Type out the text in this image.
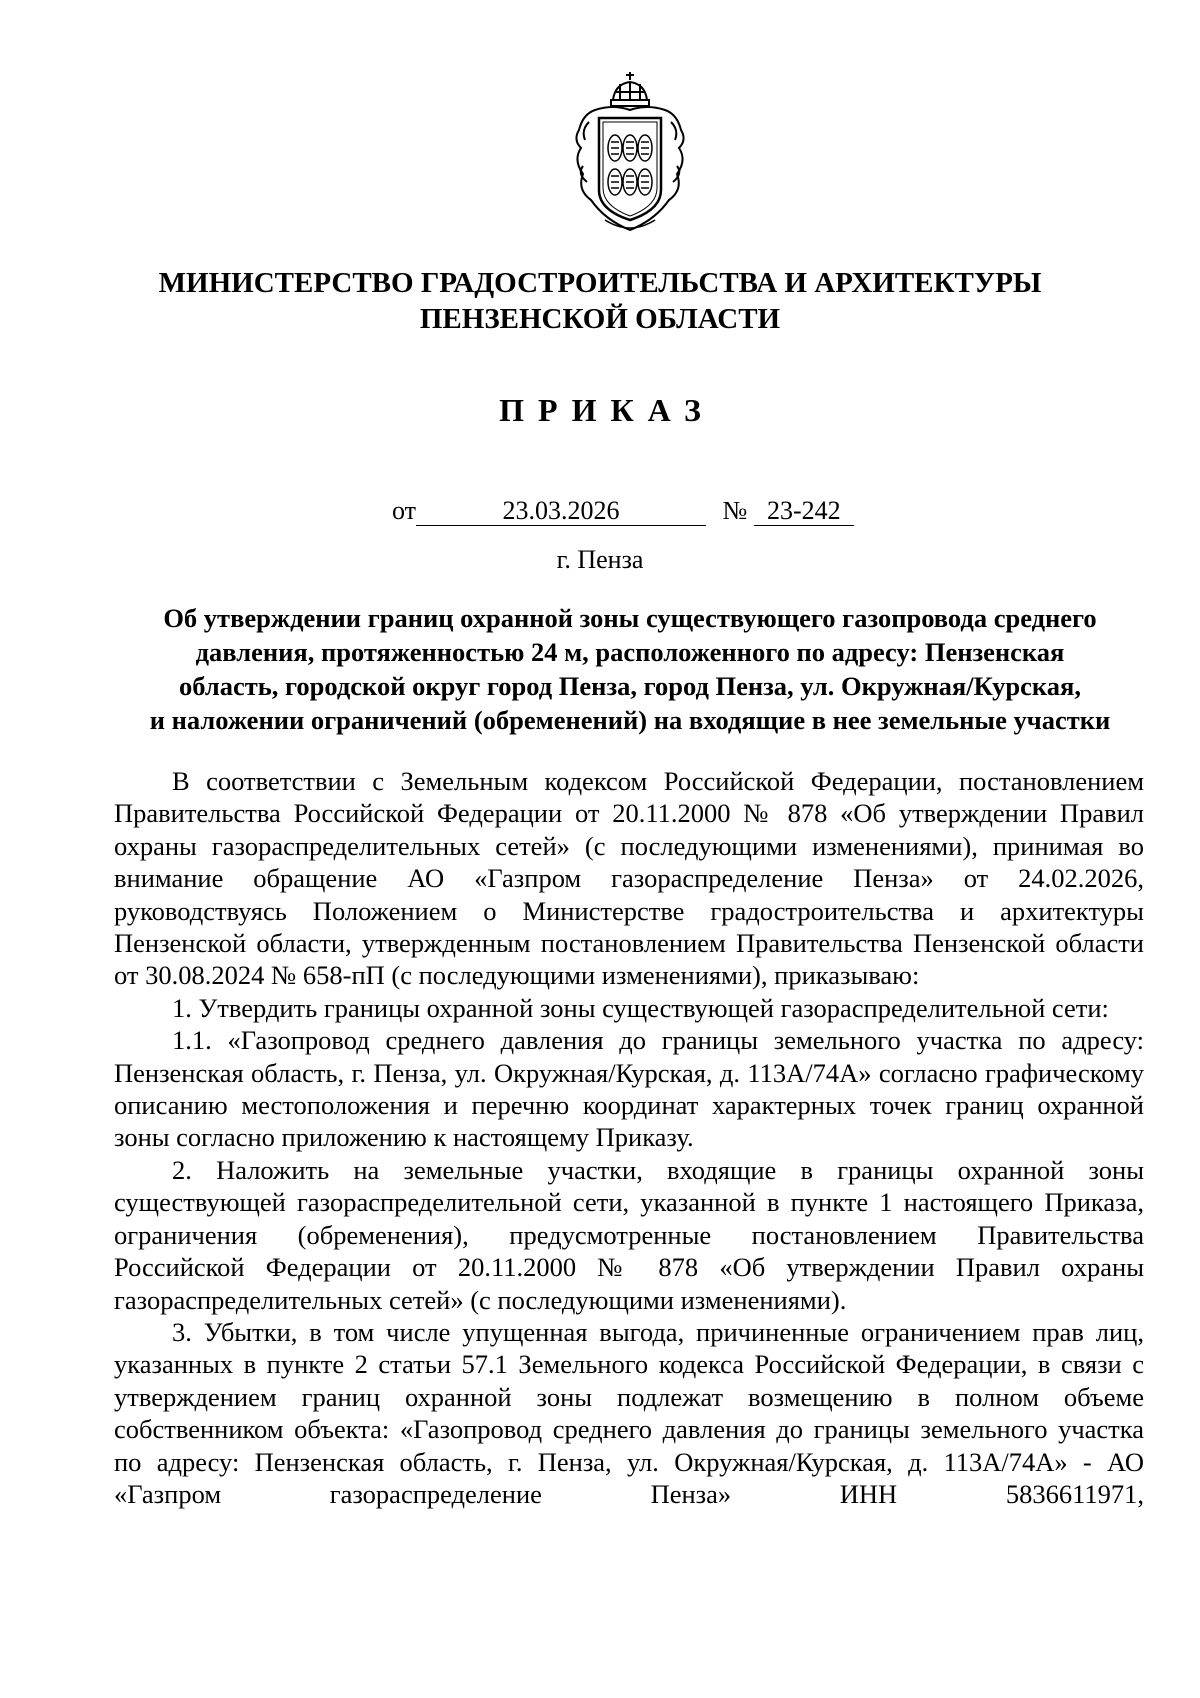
МИНИСТЕРСТВО ГРАДОСТРОИТЕЛЬСТВА И АРХИТЕКТУРЫ
ПЕНЗЕНСКОЙ ОБЛАСТИ
ПРИКАЗ
от	23.03.2026	№ 23-242
г. Пенза
Об утверждении границ охранной зоны существующего газопровода среднего
давления, протяженностью 24 м, расположенного по адресу: Пензенская
область, городской округ город Пенза, город Пенза, ул. Окружная/Курская,
и наложении ограничений (обременений) на входящие в нее земельные участки

В соответствии с Земельным кодексом Российской Федерации, постановлением Правительства Российской Федерации от 20.11.2000 № 878 «Об утверждении Правил охраны газораспределительных сетей» (с последующими изменениями), принимая во внимание обращение АО «Газпром газораспределение Пенза» от 24.02.2026, руководствуясь Положением о Министерстве градостроительства и архитектуры Пензенской области, утвержденным постановлением Правительства Пензенской области от 30.08.2024 № 658-пП (с последующими изменениями), приказываю:

1. Утвердить границы охранной зоны существующей газораспределительной сети:

1.1. «Газопровод среднего давления до границы земельного участка по адресу: Пензенская область, г. Пенза, ул. Окружная/Курская, д. 113А/74А» согласно графическому описанию местоположения и перечню координат характерных точек границ охранной зоны согласно приложению к настоящему Приказу.

2. Наложить на земельные участки, входящие в границы охранной зоны существующей газораспределительной сети, указанной в пункте 1 настоящего Приказа, ограничения (обременения), предусмотренные постановлением Правительства Российской Федерации от 20.11.2000 № 878 «Об утверждении Правил охраны газораспределительных сетей» (с последующими изменениями).

3. Убытки, в том числе упущенная выгода, причиненные ограничением прав лиц, указанных в пункте 2 статьи 57.1 Земельного кодекса Российской Федерации, в связи с утверждением границ охранной зоны подлежат возмещению в полном объеме собственником объекта: «Газопровод среднего давления до границы земельного участка по адресу: Пензенская область, г. Пенза, ул. Окружная/Курская, д. 113А/74А» - АО «Газпром газораспределение Пенза» ИНН 5836611971,
